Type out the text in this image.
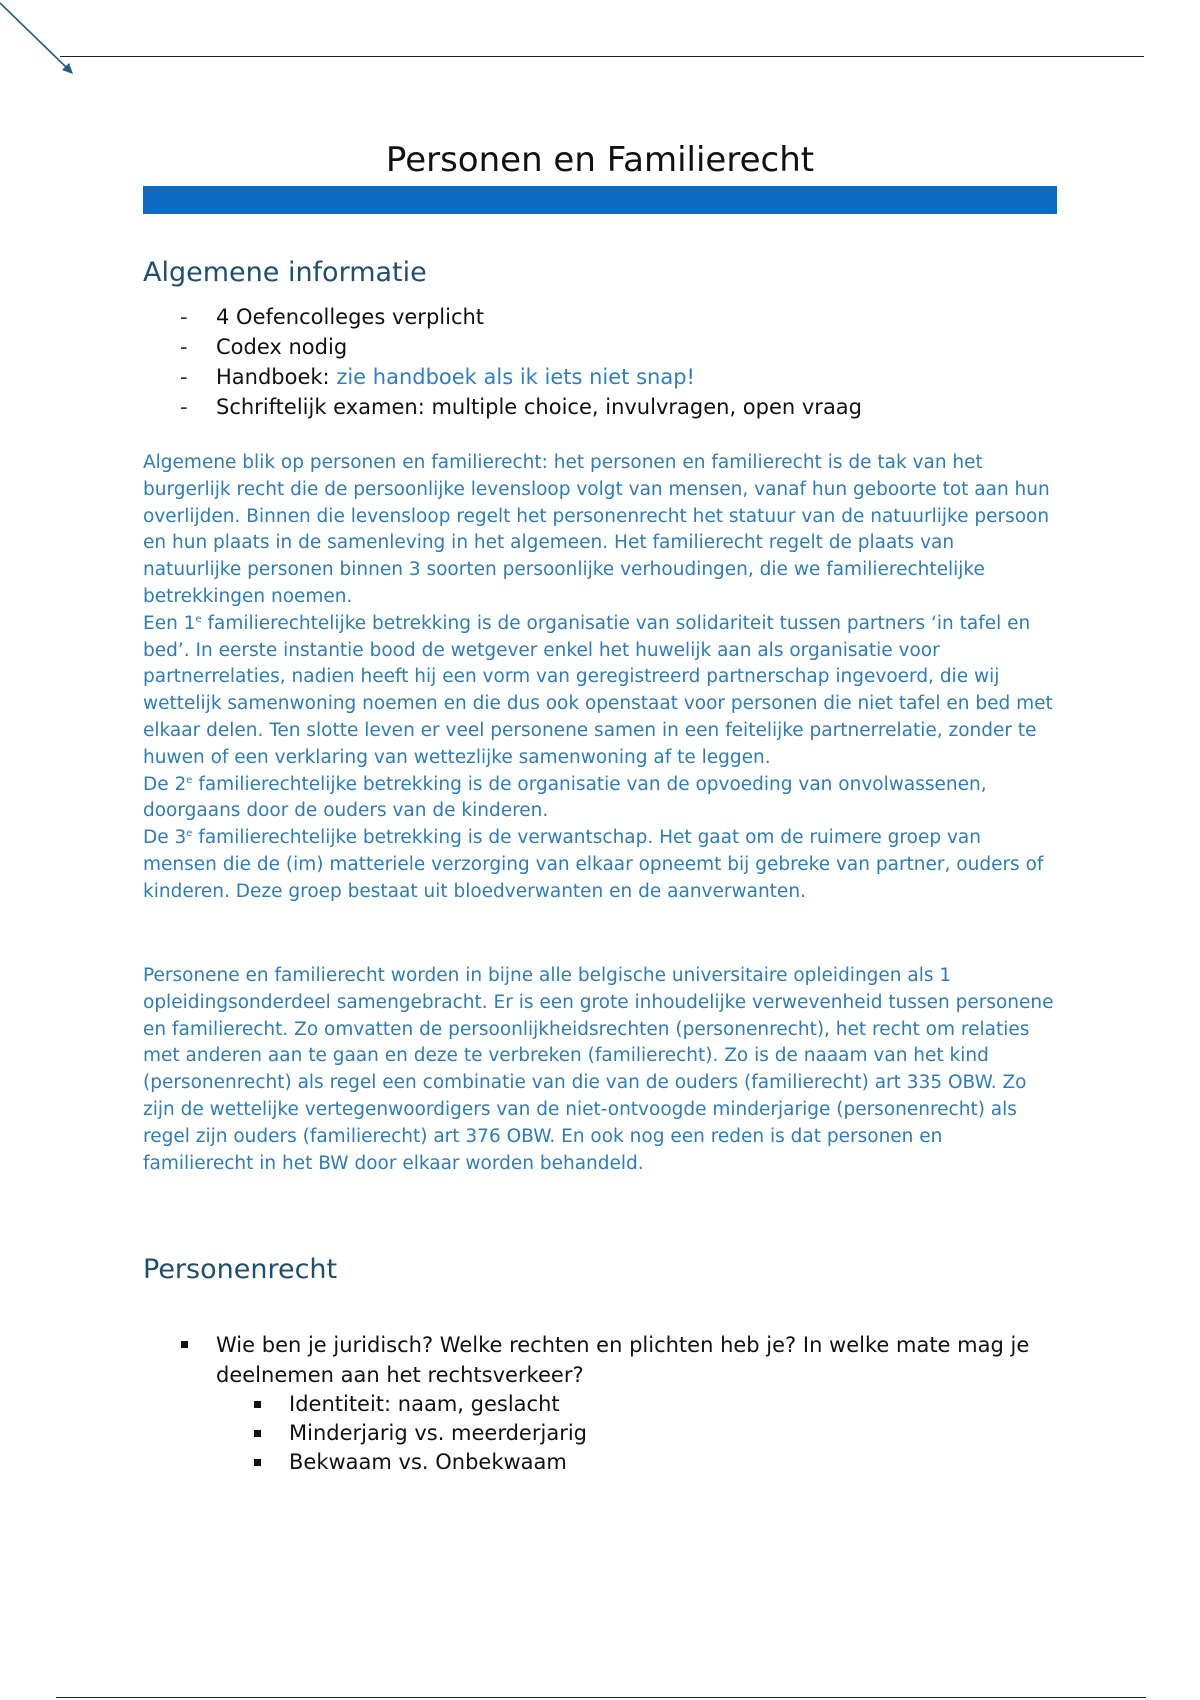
Personen en Familierecht
Algemene informatie
- 4 Oefencolleges verplicht
- Codex nodig
- Handboek: zie handboek als ik iets niet snap!
- Schriftelijk examen: multiple choice, invulvragen, open vraag

Algemene blik op personen en familierecht: het personen en familierecht is de tak van het burgerlijk recht die de persoonlijke levensloop volgt van mensen, vanaf hun geboorte tot aan hun overlijden. Binnen die levensloop regelt het personenrecht het statuur van de natuurlijke persoon en hun plaats in de samenleving in het algemeen. Het familierecht regelt de plaats van natuurlijke personen binnen 3 soorten persoonlijke verhoudingen, die we familierechtelijke betrekkingen noemen.

Een 1e familierechtelijke betrekking is de organisatie van solidariteit tussen partners ‘in tafel en bed’. In eerste instantie bood de wetgever enkel het huwelijk aan als organisatie voor partnerrelaties, nadien heeft hij een vorm van geregistreerd partnerschap ingevoerd, die wij wettelijk samenwoning noemen en die dus ook openstaat voor personen die niet tafel en bed met elkaar delen. Ten slotte leven er veel personene samen in een feitelijke partnerrelatie, zonder te huwen of een verklaring van wettezlijke samenwoning af te leggen.

De 2e familierechtelijke betrekking is de organisatie van de opvoeding van onvolwassenen, doorgaans door de ouders van de kinderen.

De 3e familierechtelijke betrekking is de verwantschap. Het gaat om de ruimere groep van mensen die de (im) matteriele verzorging van elkaar opneemt bij gebreke van partner, ouders of kinderen. Deze groep bestaat uit bloedverwanten en de aanverwanten.

Personene en familierecht worden in bijne alle belgische universitaire opleidingen als 1 opleidingsonderdeel samengebracht. Er is een grote inhoudelijke verwevenheid tussen personene en familierecht. Zo omvatten de persoonlijkheidsrechten (personenrecht), het recht om relaties met anderen aan te gaan en deze te verbreken (familierecht). Zo is de naaam van het kind (personenrecht) als regel een combinatie van die van de ouders (familierecht) art 335 OBW. Zo zijn de wettelijke vertegenwoordigers van de niet-ontvoogde minderjarige (personenrecht) als regel zijn ouders (familierecht) art 376 OBW. En ook nog een reden is dat personen en familierecht in het BW door elkaar worden behandeld.

Personenrecht
Wie ben je juridisch? Welke rechten en plichten heb je? In welke mate mag je deelnemen aan het rechtsverkeer?
Identiteit: naam, geslacht
Minderjarig vs. meerderjarig
Bekwaam vs. Onbekwaam
